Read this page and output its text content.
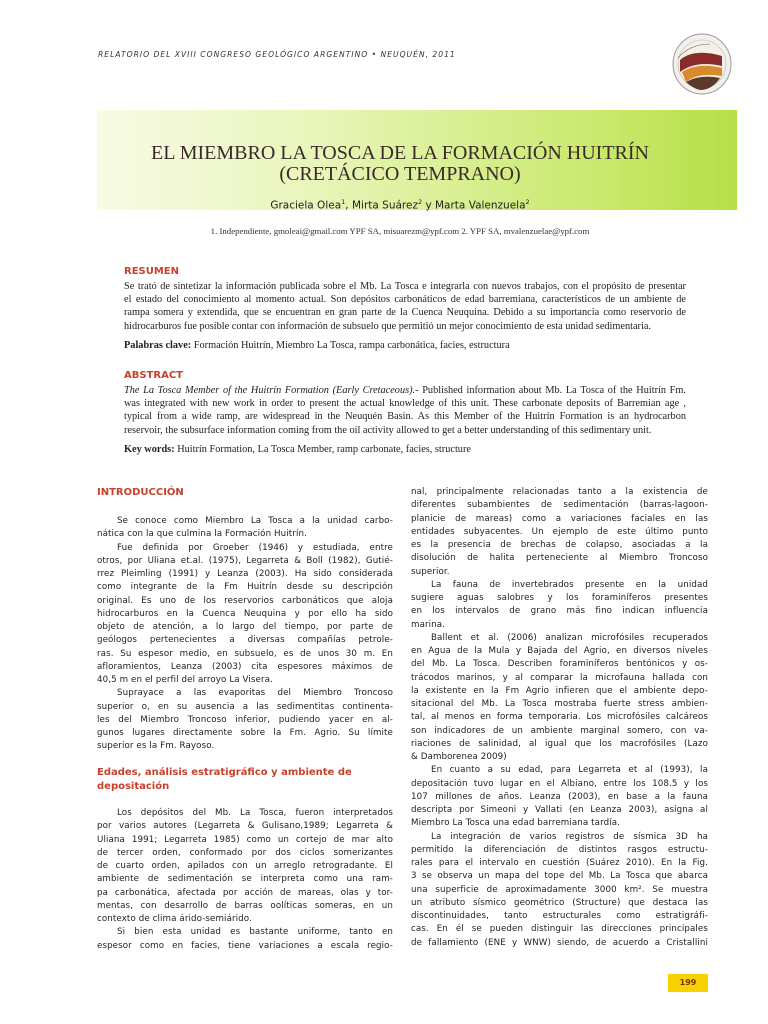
RELATORIO DEL XVIII CONGRESO GEOLÓGICO ARGENTINO • NEUQUÉN, 2011
EL MIEMBRO LA TOSCA DE LA FORMACIÓN HUITRÍN
(CRETÁCICO TEMPRANO)
Graciela Olea$^1$, Mirta Suárez$^2$ y Marta Valenzuela$^2$
1. Independiente, gmoleai@gmail.com YPF SA, misuarezm@ypf.com 2. YPF SA, mvalenzuelae@ypf.com
RESUMEN
Se trató de sintetizar la información publicada sobre el Mb. La Tosca e integrarla con nuevos trabajos, con el propósito de presentar
el estado del conocimiento al momento actual. Son depósitos carbonáticos de edad barremiana, característicos de un ambiente de
rampa somera y extendida, que se encuentran en gran parte de la Cuenca Neuquina. Debido a su importancia como reservorio de
hidrocarburos fue posible contar con información de subsuelo que permitió un mejor conocimiento de esta unidad sedimentaria.
Palabras clave: Formación Huitrín, Miembro La Tosca, rampa carbonática, facies, estructura
ABSTRACT
The La Tosca Member of the Huitrín Formation (Early Cretaceous).- Published information about Mb. La Tosca of the Huitrín Fm.
was integrated with new work in order to present the actual knowledge of this unit. These carbonate deposits of Barremian age ,
typical from a wide ramp, are widespread in the Neuquén Basin. As this Member of the Huitrín Formation is an hydrocarbon
reservoir, the subsurface information coming from the oil activity allowed to get a better understanding of this sedimentary unit.
Key words: Huitrín Formation, La Tosca Member, ramp carbonate, facies, structure
INTRODUCCIÓN
Se conoce como Miembro La Tosca a la unidad carbo-
nática con la que culmina la Formación Huitrín.
Fue definida por Groeber (1946) y estudiada, entre
otros, por Uliana et.al. (1975), Legarreta & Boll (1982), Gutié-
rrez Pleimling (1991) y Leanza (2003). Ha sido considerada
como integrante de la Fm Huitrín desde su descripción
original. Es uno de los reservorios carbonáticos que aloja
hidrocarburos en la Cuenca Neuquina y por ello ha sido
objeto de atención, a lo largo del tiempo, por parte de
geólogos pertenecientes a diversas compañías petrole-
ras. Su espesor medio, en subsuelo, es de unos 30 m. En
afloramientos, Leanza (2003) cita espesores máximos de
40,5 m en el perfil del arroyo La Visera.
Suprayace a las evaporitas del Miembro Troncoso
superior o, en su ausencia a las sedimentitas continenta-
les del Miembro Troncoso inferior, pudiendo yacer en al-
gunos lugares directamente sobre la Fm. Agrio. Su límite
superior es la Fm. Rayoso.
Edades, análisis estratigráfico y ambiente de
depositación
Los depósitos del Mb. La Tosca, fueron interpretados
por varios autores (Legarreta & Gulisano,1989; Legarreta &
Uliana 1991; Legarreta 1985) como un cortejo de mar alto
de tercer orden, conformado por dos ciclos somerizantes
de cuarto orden, apilados con un arreglo retrogradante. El
ambiente de sedimentación se interpreta como una ram-
pa carbonática, afectada por acción de mareas, olas y tor-
mentas, con desarrollo de barras oolíticas someras, en un
contexto de clima árido-semiárido.
Si bien esta unidad es bastante uniforme, tanto en
espesor como en facies, tiene variaciones a escala regio-
nal, principalmente relacionadas tanto a la existencia de
diferentes subambientes de sedimentación (barras-lagoon-
planicie de mareas) como a variaciones faciales en las
entidades subyacentes. Un ejemplo de este último punto
es la presencia de brechas de colapso, asociadas a la
disolución de halita perteneciente al Miembro Troncoso
superior.
La fauna de invertebrados presente en la unidad
sugiere aguas salobres y los foraminíferos presentes
en los intervalos de grano más fino indican influencia
marina.
Ballent et al. (2006) analizan microfósiles recuperados
en Agua de la Mula y Bajada del Agrio, en diversos niveles
del Mb. La Tosca. Describen foraminíferos bentónicos y os-
trácodos marinos, y al comparar la microfauna hallada con
la existente en la Fm Agrio infieren que el ambiente depo-
sitacional del Mb. La Tosca mostraba fuerte stress ambien-
tal, al menos en forma temporaria. Los microfósiles calcáreos
son indicadores de un ambiente marginal somero, con va-
riaciones de salinidad, al igual que los macrofósiles (Lazo
& Damborenea 2009)
En cuanto a su edad, para Legarreta et al (1993), la
depositación tuvo lugar en el Albiano, entre los 108.5 y los
107 millones de años. Leanza (2003), en base a la fauna
descripta por Simeoni y Vallati (en Leanza 2003), asigna al
Miembro La Tosca una edad barremiana tardía.
La integración de varios registros de sísmica 3D ha
permitido la diferenciación de distintos rasgos estructu-
rales para el intervalo en cuestión (Suárez 2010). En la Fig.
3 se observa un mapa del tope del Mb. La Tosca que abarca
una superficie de aproximadamente 3000 km². Se muestra
un atributo sísmico geométrico (Structure) que destaca las
discontinuidades, tanto estructurales como estratigráfi-
cas. En él se pueden distinguir las direcciones principales
de fallamiento (ENE y WNW) siendo, de acuerdo a Cristallini
199
